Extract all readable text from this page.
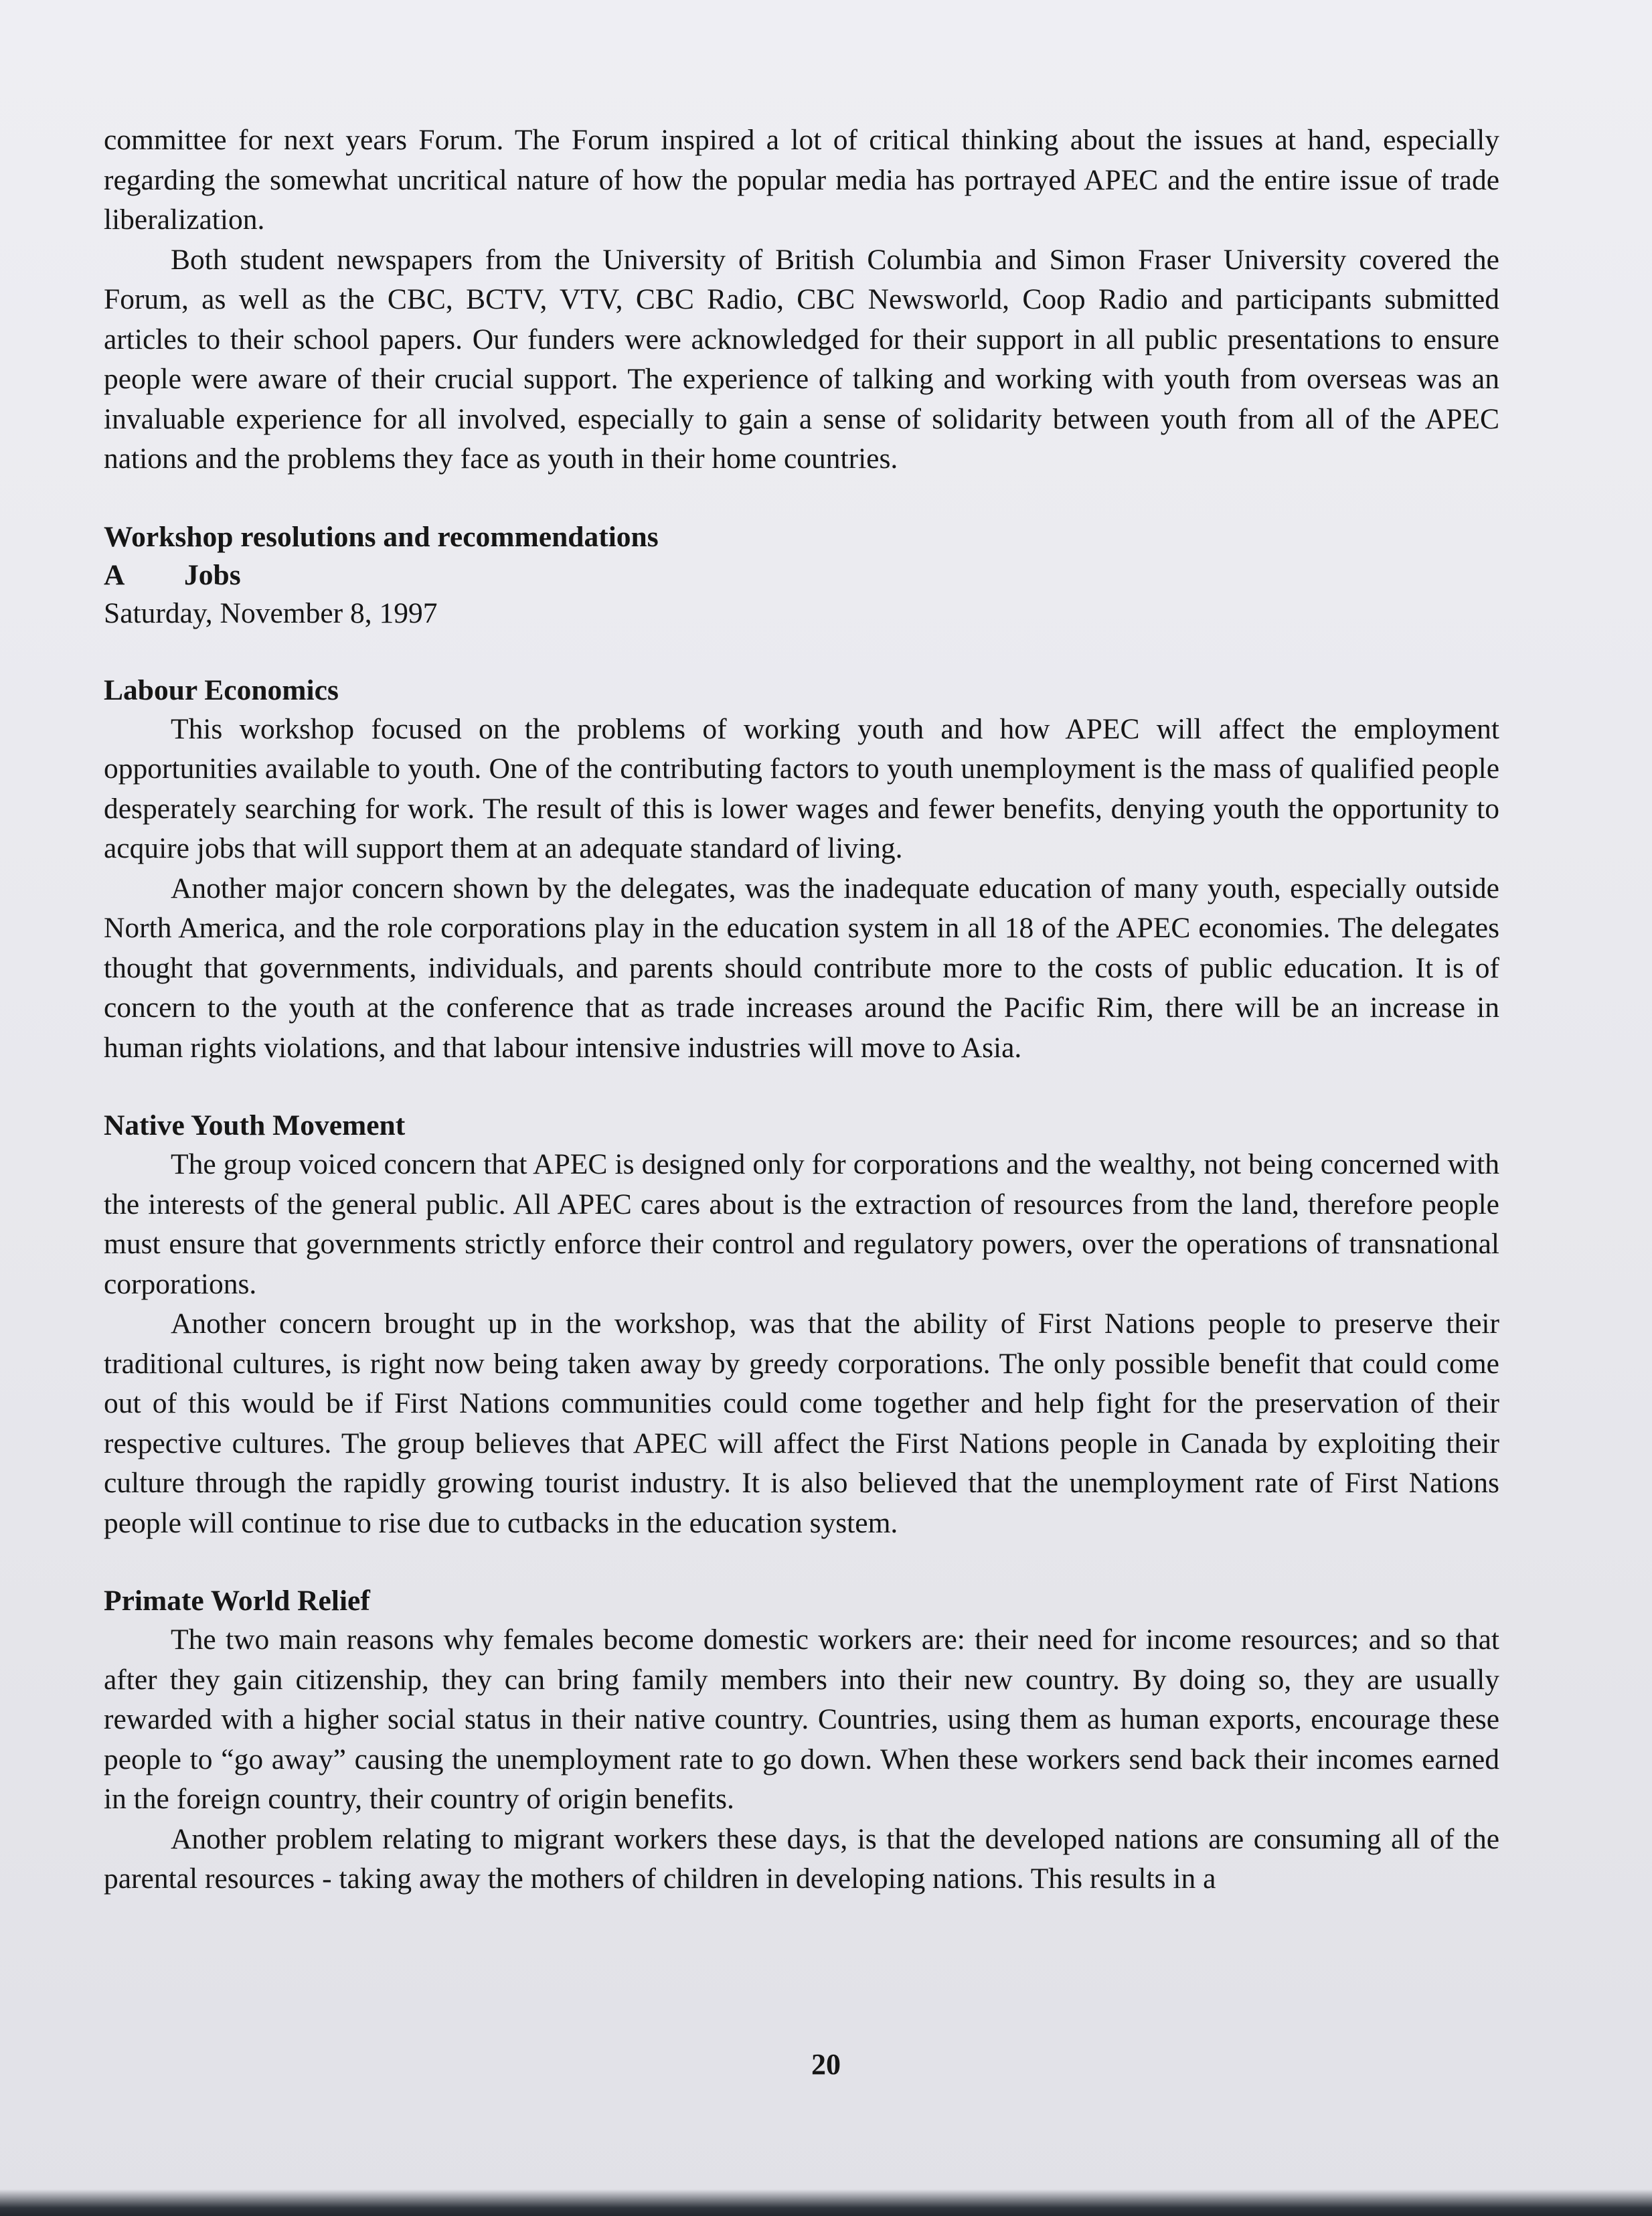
committee for next years Forum. The Forum inspired a lot of critical thinking about the issues at hand, especially regarding the somewhat uncritical nature of how the popular media has portrayed APEC and the entire issue of trade liberalization.

Both student newspapers from the University of British Columbia and Simon Fraser University covered the Forum, as well as the CBC, BCTV, VTV, CBC Radio, CBC Newsworld, Coop Radio and participants submitted articles to their school papers. Our funders were acknowledged for their support in all public presentations to ensure people were aware of their crucial support. The experience of talking and working with youth from overseas was an invaluable experience for all involved, especially to gain a sense of solidarity between youth from all of the APEC nations and the problems they face as youth in their home countries.

Workshop resolutions and recommendations
A	Jobs
Saturday, November 8, 1997
Labour Economics

This workshop focused on the problems of working youth and how APEC will affect the employment opportunities available to youth. One of the contributing factors to youth unemployment is the mass of qualified people desperately searching for work. The result of this is lower wages and fewer benefits, denying youth the opportunity to acquire jobs that will support them at an adequate standard of living.

Another major concern shown by the delegates, was the inadequate education of many youth, especially outside North America, and the role corporations play in the education system in all 18 of the APEC economies. The delegates thought that governments, individuals, and parents should contribute more to the costs of public education. It is of concern to the youth at the conference that as trade increases around the Pacific Rim, there will be an increase in human rights violations, and that labour intensive industries will move to Asia.

Native Youth Movement

The group voiced concern that APEC is designed only for corporations and the wealthy, not being concerned with the interests of the general public. All APEC cares about is the extraction of resources from the land, therefore people must ensure that governments strictly enforce their control and regulatory powers, over the operations of transnational corporations.

Another concern brought up in the workshop, was that the ability of First Nations people to preserve their traditional cultures, is right now being taken away by greedy corporations. The only possible benefit that could come out of this would be if First Nations communities could come together and help fight for the preservation of their respective cultures. The group believes that APEC will affect the First Nations people in Canada by exploiting their culture through the rapidly growing tourist industry. It is also believed that the unemployment rate of First Nations people will continue to rise due to cutbacks in the education system.

Primate World Relief

The two main reasons why females become domestic workers are: their need for income resources; and so that after they gain citizenship, they can bring family members into their new country. By doing so, they are usually rewarded with a higher social status in their native country. Countries, using them as human exports, encourage these people to “go away” causing the unemployment rate to go down. When these workers send back their incomes earned in the foreign country, their country of origin benefits.

Another problem relating to migrant workers these days, is that the developed nations are consuming all of the parental resources - taking away the mothers of children in developing nations. This results in a

20
